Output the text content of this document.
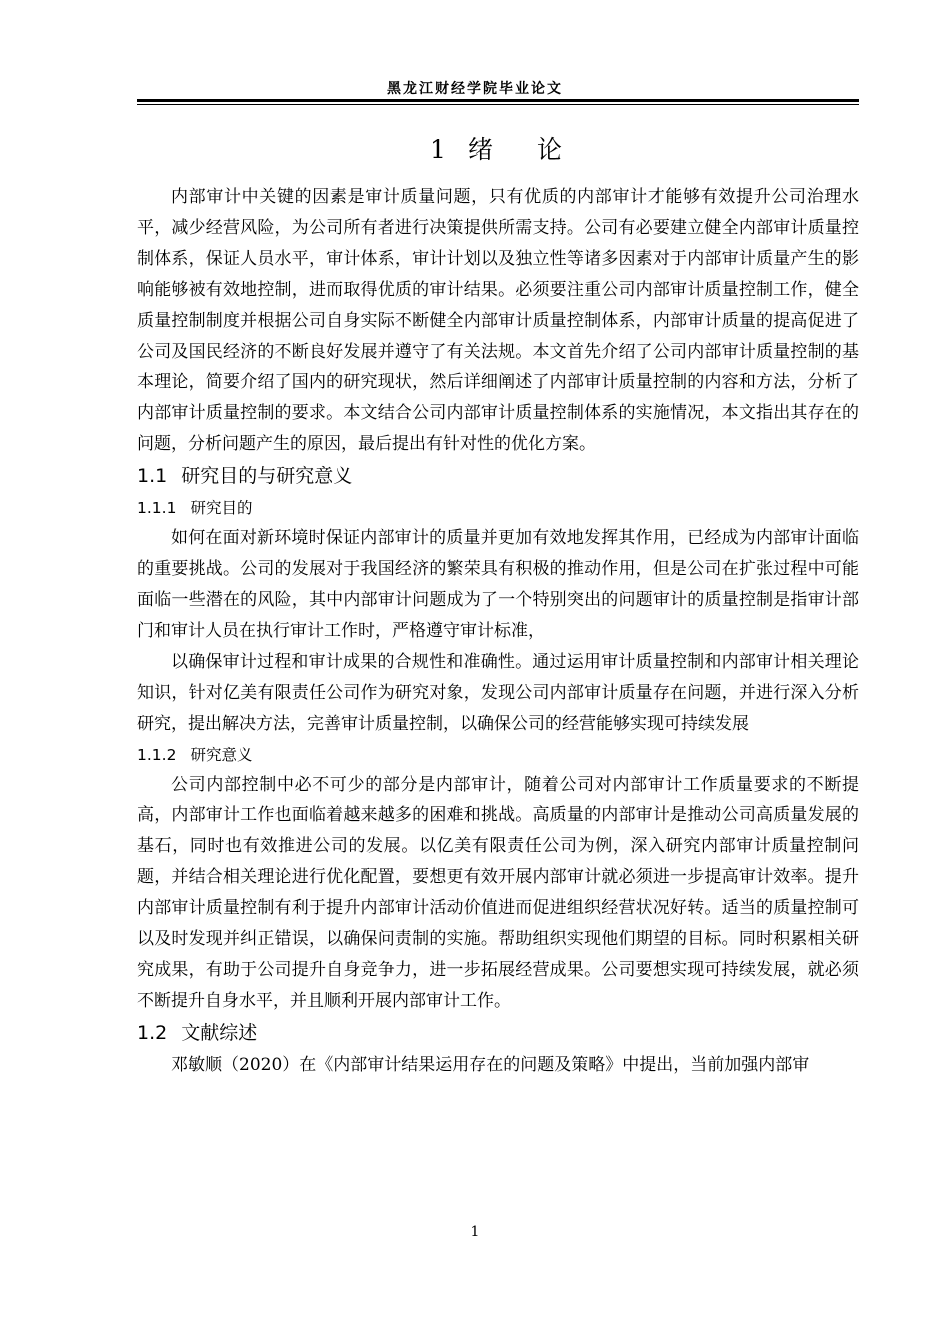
黑龙江财经学院毕业论文
1 绪 论

内部审计中关键的因素是审计质量问题，只有优质的内部审计才能够有效提升公司治理水平，减少经营风险，为公司所有者进行决策提供所需支持。公司有必要建立健全内部审计质量控制体系，保证人员水平，审计体系，审计计划以及独立性等诸多因素对于内部审计质量产生的影响能够被有效地控制，进而取得优质的审计结果。必须要注重公司内部审计质量控制工作，健全质量控制制度并根据公司自身实际不断健全内部审计质量控制体系，内部审计质量的提高促进了公司及国民经济的不断良好发展并遵守了有关法规。本文首先介绍了公司内部审计质量控制的基本理论，简要介绍了国内的研究现状，然后详细阐述了内部审计质量控制的内容和方法，分析了内部审计质量控制的要求。本文结合公司内部审计质量控制体系的实施情况，本文指出其存在的问题，分析问题产生的原因，最后提出有针对性的优化方案。

1.1 研究目的与研究意义
1.1.1 研究目的

如何在面对新环境时保证内部审计的质量并更加有效地发挥其作用，已经成为内部审计面临的重要挑战。公司的发展对于我国经济的繁荣具有积极的推动作用，但是公司在扩张过程中可能面临一些潜在的风险，其中内部审计问题成为了一个特别突出的问题审计的质量控制是指审计部门和审计人员在执行审计工作时，严格遵守审计标准，

以确保审计过程和审计成果的合规性和准确性。通过运用审计质量控制和内部审计相关理论知识，针对亿美有限责任公司作为研究对象，发现公司内部审计质量存在问题，并进行深入分析研究，提出解决方法，完善审计质量控制，以确保公司的经营能够实现可持续发展

1.1.2 研究意义

公司内部控制中必不可少的部分是内部审计，随着公司对内部审计工作质量要求的不断提高，内部审计工作也面临着越来越多的困难和挑战。高质量的内部审计是推动公司高质量发展的基石，同时也有效推进公司的发展。以亿美有限责任公司为例，深入研究内部审计质量控制问题，并结合相关理论进行优化配置，要想更有效开展内部审计就必须进一步提高审计效率。提升内部审计质量控制有利于提升内部审计活动价值进而促进组织经营状况好转。适当的质量控制可以及时发现并纠正错误，以确保问责制的实施。帮助组织实现他们期望的目标。同时积累相关研究成果，有助于公司提升自身竞争力，进一步拓展经营成果。公司要想实现可持续发展，就必须不断提升自身水平，并且顺利开展内部审计工作。

1.2 文献综述

邓敏顺（2020）在《内部审计结果运用存在的问题及策略》中提出，当前加强内部审

1
